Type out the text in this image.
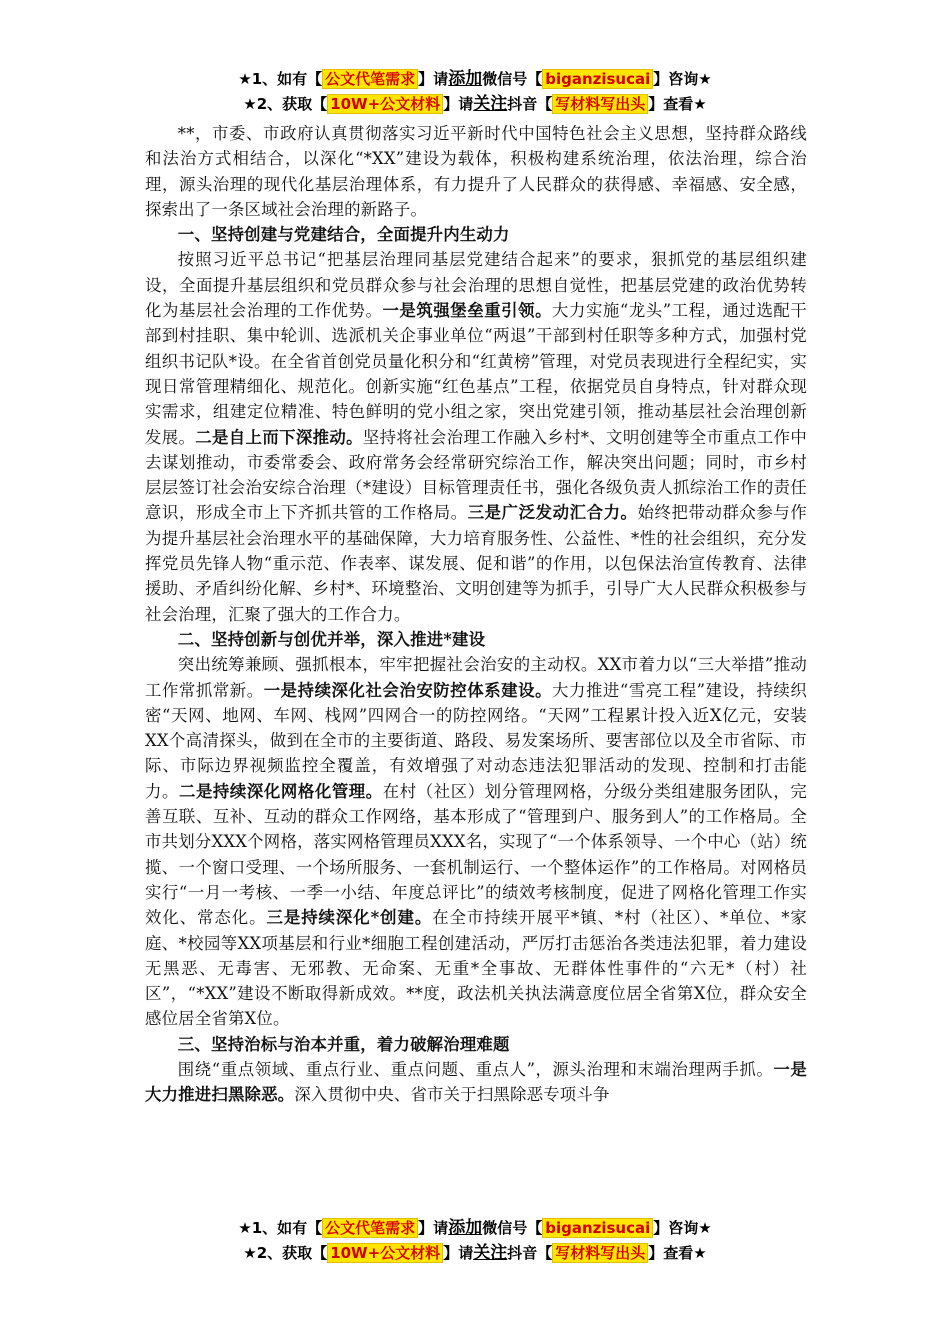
★1、如有【 公文代笔需求 】请添加微信号【 biganzisucai 】咨询★
★2、获取【 10W+公文材料 】请关注抖音【 写材料写出头 】查看★

**，市委、市政府认真贯彻落实习近平新时代中国特色社会主义思想，坚持群众路线和法治方式相结合，以深化“*XX”建设为载体，积极构建系统治理，依法治理，综合治理，源头治理的现代化基层治理体系，有力提升了人民群众的获得感、幸福感、安全感，探索出了一条区域社会治理的新路子。

一、坚持创建与党建结合，全面提升内生动力

按照习近平总书记“把基层治理同基层党建结合起来”的要求，狠抓党的基层组织建设，全面提升基层组织和党员群众参与社会治理的思想自觉性，把基层党建的政治优势转化为基层社会治理的工作优势。一是筑强堡垒重引领。大力实施“龙头”工程，通过选配干部到村挂职、集中轮训、选派机关企事业单位“两退”干部到村任职等多种方式，加强村党组织书记队*设。在全省首创党员量化积分和“红黄榜”管理，对党员表现进行全程纪实，实现日常管理精细化、规范化。创新实施“红色基点”工程，依据党员自身特点，针对群众现实需求，组建定位精准、特色鲜明的党小组之家，突出党建引领，推动基层社会治理创新发展。二是自上而下深推动。坚持将社会治理工作融入乡村*、文明创建等全市重点工作中去谋划推动，市委常委会、政府常务会经常研究综治工作，解决突出问题；同时，市乡村层层签订社会治安综合治理（*建设）目标管理责任书，强化各级负责人抓综治工作的责任意识，形成全市上下齐抓共管的工作格局。三是广泛发动汇合力。始终把带动群众参与作为提升基层社会治理水平的基础保障，大力培育服务性、公益性、*性的社会组织，充分发挥党员先锋人物“重示范、作表率、谋发展、促和谐”的作用，以包保法治宣传教育、法律援助、矛盾纠纷化解、乡村*、环境整治、文明创建等为抓手，引导广大人民群众积极参与社会治理，汇聚了强大的工作合力。

二、坚持创新与创优并举，深入推进*建设

突出统筹兼顾、强抓根本，牢牢把握社会治安的主动权。XX市着力以“三大举措”推动工作常抓常新。一是持续深化社会治安防控体系建设。大力推进“雪亮工程”建设，持续织密“天网、地网、车网、栈网”四网合一的防控网络。“天网”工程累计投入近X亿元，安装XX个高清探头，做到在全市的主要街道、路段、易发案场所、要害部位以及全市省际、市际、市际边界视频监控全覆盖，有效增强了对动态违法犯罪活动的发现、控制和打击能力。二是持续深化网格化管理。在村（社区）划分管理网格，分级分类组建服务团队，完善互联、互补、互动的群众工作网络，基本形成了“管理到户、服务到人”的工作格局。全市共划分XXX个网格，落实网格管理员XXX名，实现了“一个体系领导、一个中心（站）统揽、一个窗口受理、一个场所服务、一套机制运行、一个整体运作”的工作格局。对网格员实行“一月一考核、一季一小结、年度总评比”的绩效考核制度，促进了网格化管理工作实效化、常态化。三是持续深化*创建。在全市持续开展平*镇、*村（社区）、*单位、*家庭、*校园等XX项基层和行业*细胞工程创建活动，严厉打击惩治各类违法犯罪，着力建设无黑恶、无毒害、无邪教、无命案、无重*全事故、无群体性事件的“六无*（村）社区”，“*XX”建设不断取得新成效。**度，政法机关执法满意度位居全省第X位，群众安全感位居全省第X位。

三、坚持治标与治本并重，着力破解治理难题

围绕“重点领域、重点行业、重点问题、重点人”，源头治理和末端治理两手抓。一是大力推进扫黑除恶。深入贯彻中央、省市关于扫黑除恶专项斗争

★1、如有【 公文代笔需求 】请添加微信号【 biganzisucai 】咨询★
★2、获取【 10W+公文材料 】请关注抖音【 写材料写出头 】查看★
